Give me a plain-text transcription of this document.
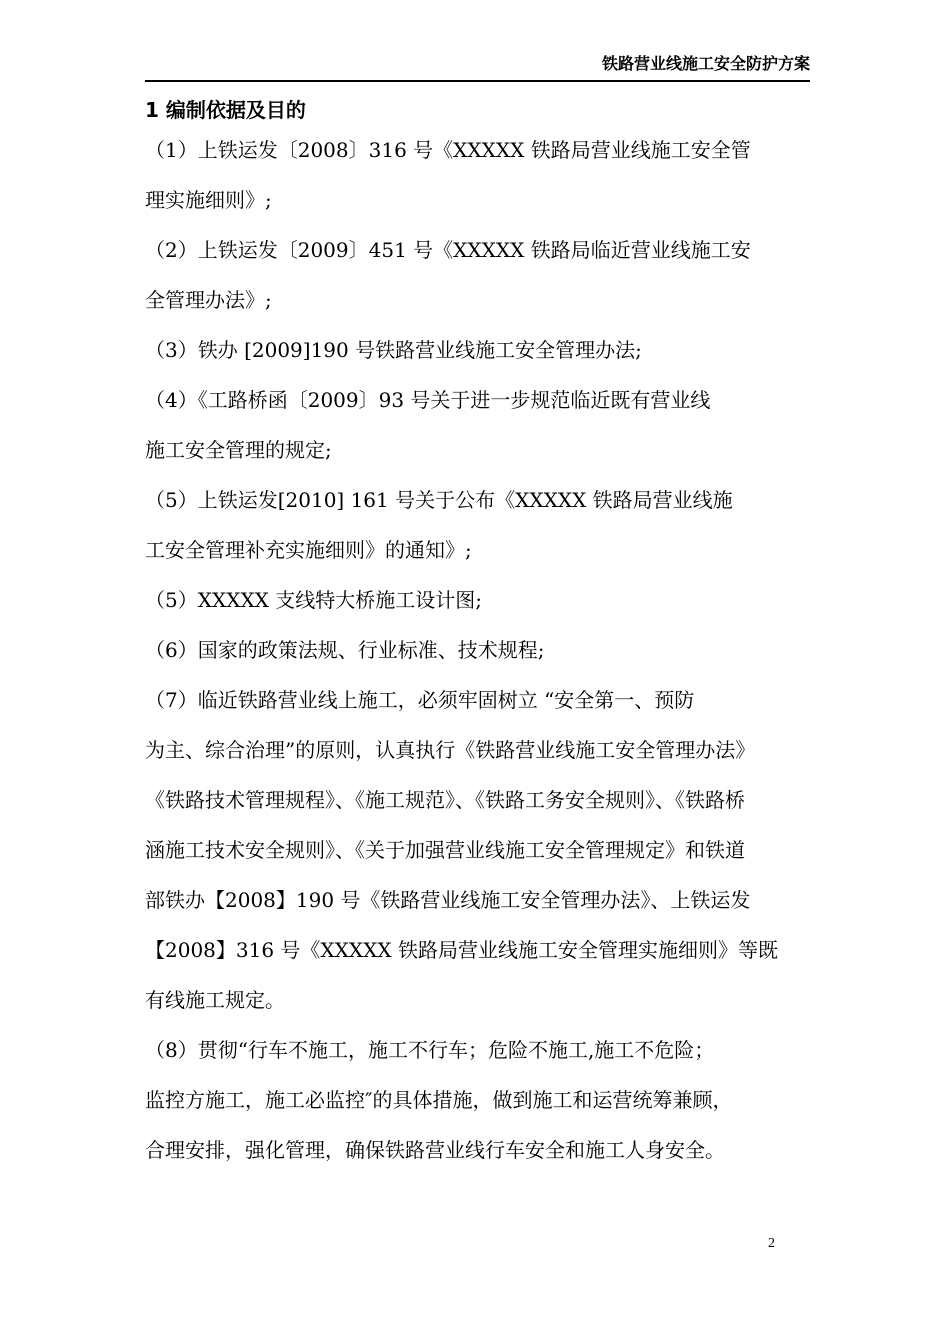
铁路营业线施工安全防护方案
1 编制依据及目的
（1）上铁运发〔2008〕316 号《XXXXX 铁路局营业线施工安全管
理实施细则》;
（2）上铁运发〔2009〕451 号《XXXXX 铁路局临近营业线施工安
全管理办法》;
（3）铁办 [2009]190 号铁路营业线施工安全管理办法;
（4）《工路桥函〔2009〕93 号关于进一步规范临近既有营业线
施工安全管理的规定;
（5）上铁运发[2010] 161 号关于公布《XXXXX 铁路局营业线施
工安全管理补充实施细则》的通知》;
（5）XXXXX 支线特大桥施工设计图;
（6）国家的政策法规、行业标准、技术规程;
（7）临近铁路营业线上施工，必须牢固树立 “安全第一、预防
为主、综合治理”的原则，认真执行《铁路营业线施工安全管理办法》
《铁路技术管理规程》、《施工规范》、《铁路工务安全规则》、《铁路桥
涵施工技术安全规则》、《关于加强营业线施工安全管理规定》和铁道
部铁办【2008】190 号《铁路营业线施工安全管理办法》、上铁运发
【2008】316 号《XXXXX 铁路局营业线施工安全管理实施细则》等既
有线施工规定。
（8）贯彻“行车不施工，施工不行车；危险不施工,施工不危险；
监控方施工，施工必监控″的具体措施，做到施工和运营统筹兼顾，
合理安排，强化管理，确保铁路营业线行车安全和施工人身安全。
2
